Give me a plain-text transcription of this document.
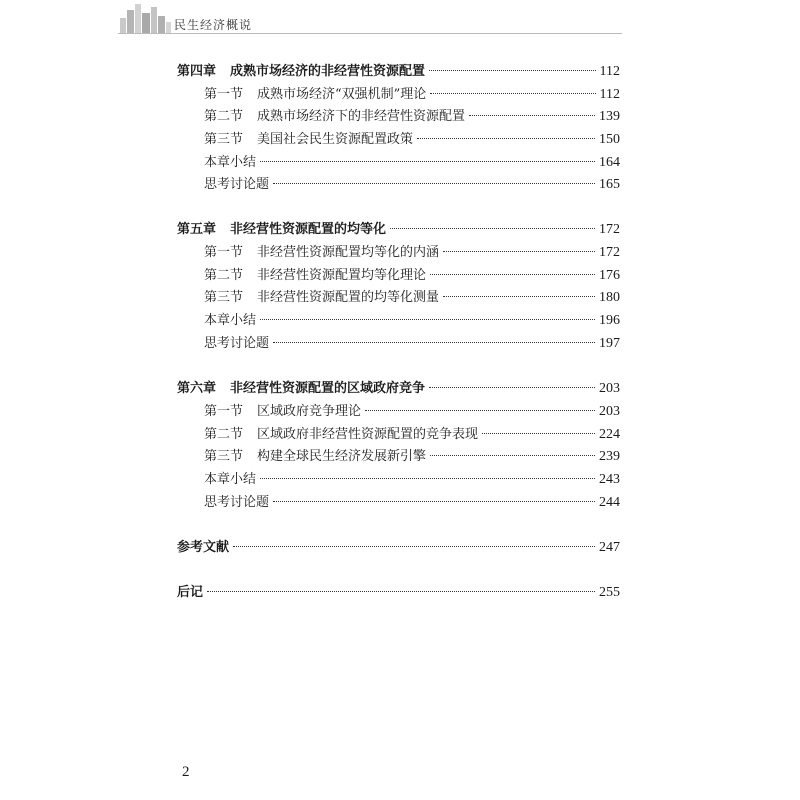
民生经济概说
第四章 成熟市场经济的非经营性资源配置	112
第一节 成熟市场经济“双强机制”理论	112
第二节 成熟市场经济下的非经营性资源配置	139
第三节 美国社会民生资源配置政策	150
本章小结	164
思考讨论题	165
第五章 非经营性资源配置的均等化	172
第一节 非经营性资源配置均等化的内涵	172
第二节 非经营性资源配置均等化理论	176
第三节 非经营性资源配置的均等化测量	180
本章小结	196
思考讨论题	197
第六章 非经营性资源配置的区域政府竞争	203
第一节 区域政府竞争理论	203
第二节 区域政府非经营性资源配置的竞争表现	224
第三节 构建全球民生经济发展新引擎	239
本章小结	243
思考讨论题	244
参考文献	247
后记	255
2
